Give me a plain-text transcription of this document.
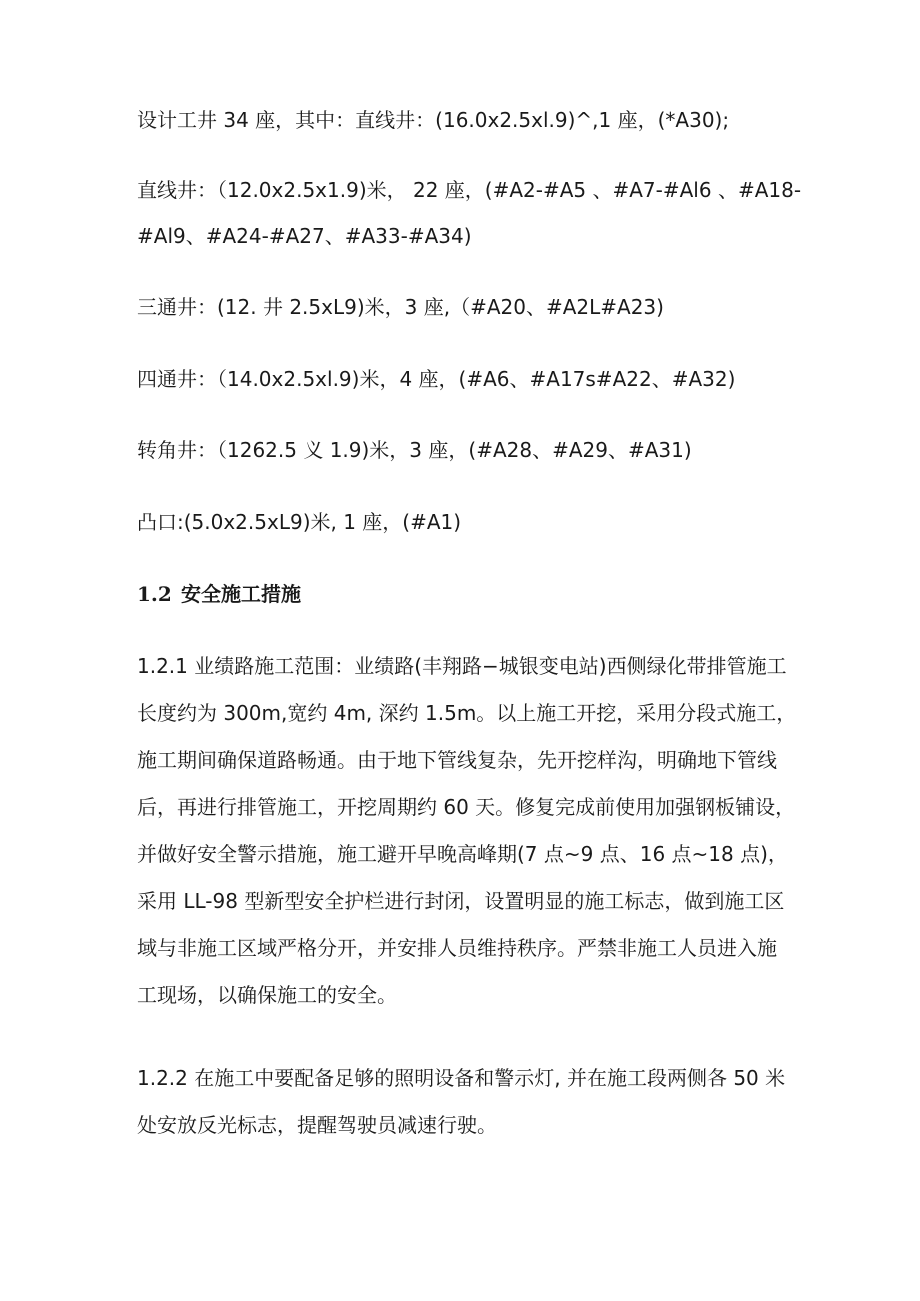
设计工井 34 座，其中：直线井：(16.0x2.5xl.9)^,1 座，(*A30);
直线井：（12.0x2.5x1.9)米， 22 座，(#A2-#A5 、#A7-#Al6 、#A18-
#Al9、#A24-#A27、#A33-#A34)
三通井：(12. 井 2.5xL9)米，3 座,（#A20、#A2L#A23)
四通井：（14.0x2.5xl.9)米，4 座，(#A6、#A17s#A22、#A32)
转角井：（1262.5 义 1.9)米，3 座，(#A28、#A29、#A31)
凸口:(5.0x2.5xL9)米, 1 座，(#A1)
1.2 安全施工措施
1.2.1 业绩路施工范围：业绩路(丰翔路−城银变电站)西侧绿化带排管施工
长度约为 300m,宽约 4m, 深约 1.5m。以上施工开挖，采用分段式施工，
施工期间确保道路畅通。由于地下管线复杂，先开挖样沟，明确地下管线
后，再进行排管施工，开挖周期约 60 天。修复完成前使用加强钢板铺设，
并做好安全警示措施，施工避开早晚高峰期(7 点~9 点、16 点~18 点)，
采用 LL-98 型新型安全护栏进行封闭，设置明显的施工标志，做到施工区
域与非施工区域严格分开，并安排人员维持秩序。严禁非施工人员进入施
工现场，以确保施工的安全。
1.2.2 在施工中要配备足够的照明设备和警示灯, 并在施工段两侧各 50 米
处安放反光标志，提醒驾驶员减速行驶。
